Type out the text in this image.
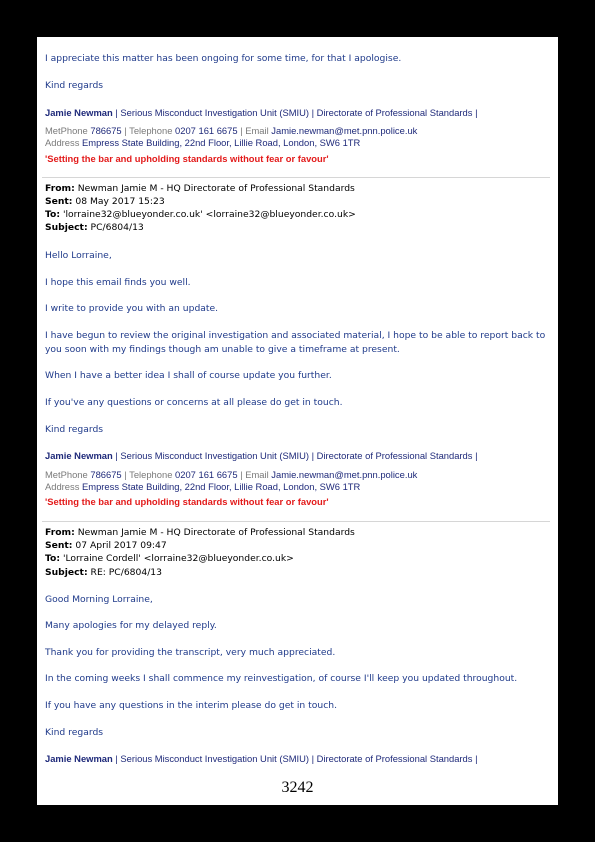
I appreciate this matter has been ongoing for some time, for that I apologise.
Kind regards
Jamie Newman | Serious Misconduct Investigation Unit (SMIU) | Directorate of Professional Standards |
MetPhone 786675 | Telephone 0207 161 6675 | Email Jamie.newman@met.pnn.police.uk
Address Empress State Building, 22nd Floor, Lillie Road, London, SW6 1TR
'Setting the bar and upholding standards without fear or favour'
From: Newman Jamie M - HQ Directorate of Professional Standards
Sent: 08 May 2017 15:23
To: 'lorraine32@blueyonder.co.uk' <lorraine32@blueyonder.co.uk>
Subject: PC/6804/13
Hello Lorraine,
I hope this email finds you well.
I write to provide you with an update.
I have begun to review the original investigation and associated material, I hope to be able to report back to
you soon with my findings though am unable to give a timeframe at present.
When I have a better idea I shall of course update you further.
If you've any questions or concerns at all please do get in touch.
Kind regards
Jamie Newman | Serious Misconduct Investigation Unit (SMIU) | Directorate of Professional Standards |
MetPhone 786675 | Telephone 0207 161 6675 | Email Jamie.newman@met.pnn.police.uk
Address Empress State Building, 22nd Floor, Lillie Road, London, SW6 1TR
'Setting the bar and upholding standards without fear or favour'
From: Newman Jamie M - HQ Directorate of Professional Standards
Sent: 07 April 2017 09:47
To: 'Lorraine Cordell' <lorraine32@blueyonder.co.uk>
Subject: RE: PC/6804/13
Good Morning Lorraine,
Many apologies for my delayed reply.
Thank you for providing the transcript, very much appreciated.
In the coming weeks I shall commence my reinvestigation, of course I'll keep you updated throughout.
If you have any questions in the interim please do get in touch.
Kind regards
Jamie Newman | Serious Misconduct Investigation Unit (SMIU) | Directorate of Professional Standards |
3242
